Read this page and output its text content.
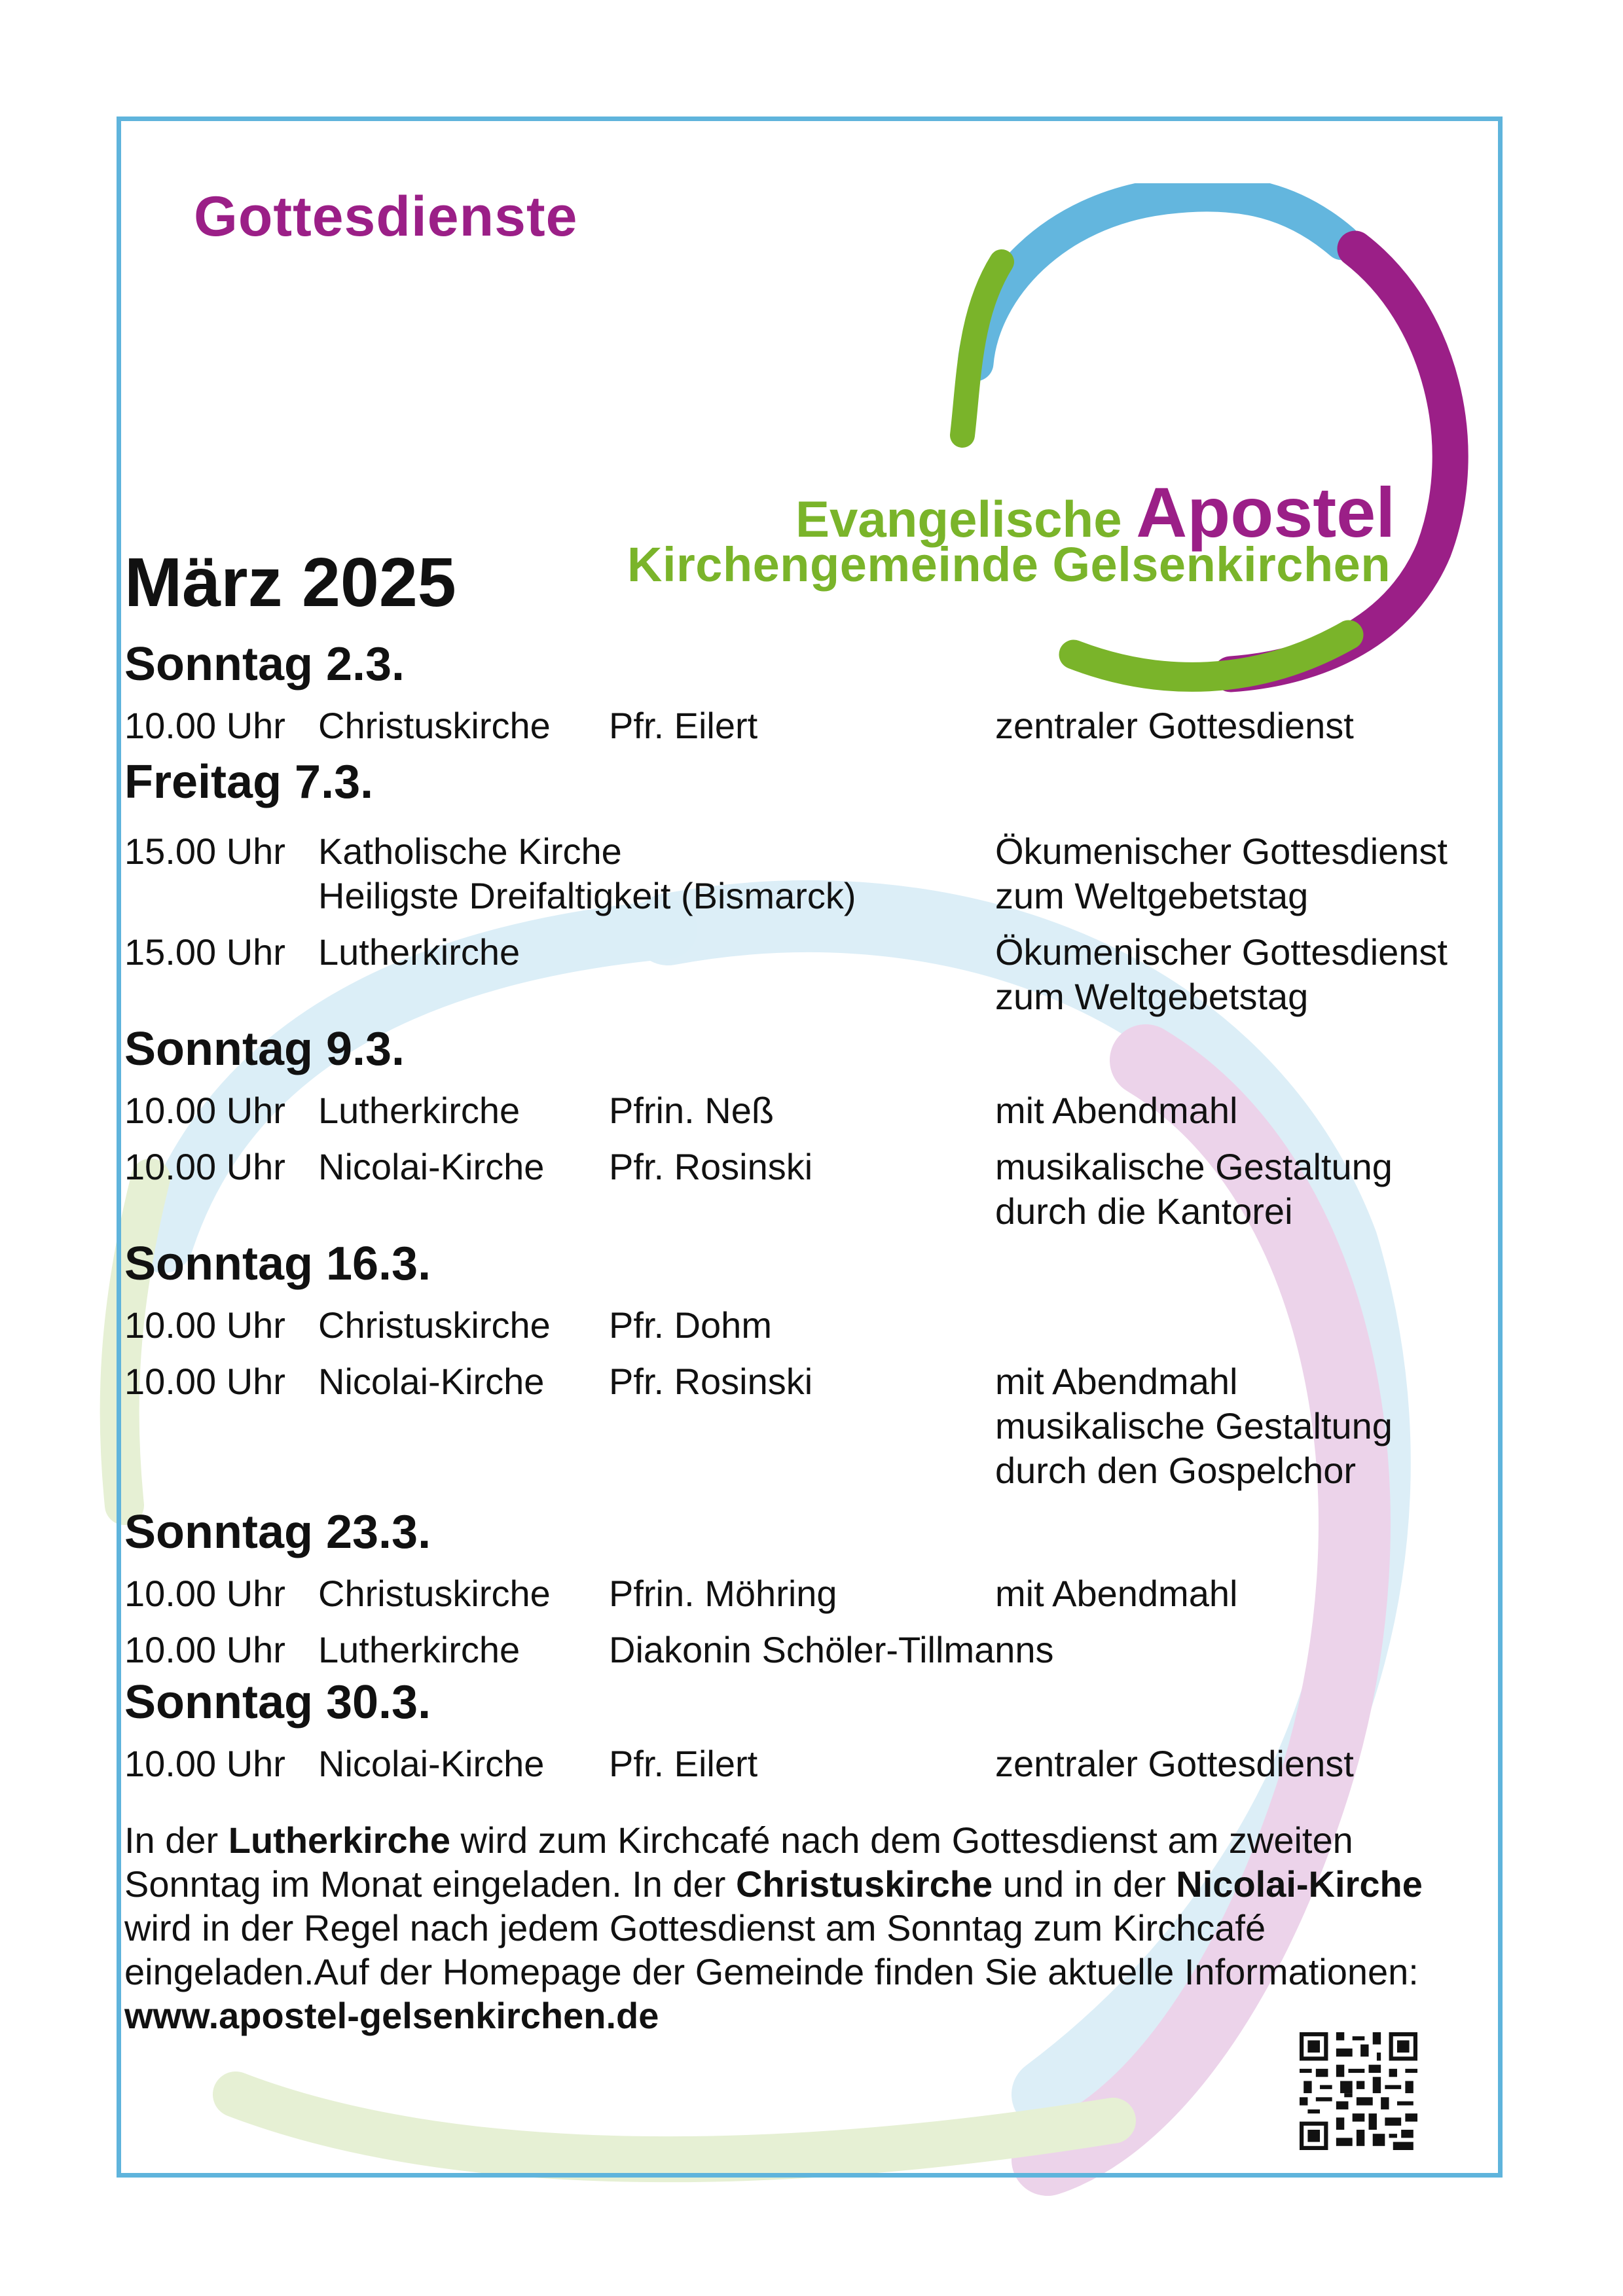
Gottesdienste
Evangelische Apostel
Kirchengemeinde Gelsenkirchen
März 2025
Sonntag 2.3.
10.00 Uhr Christuskirche	Pfr. Eilert	zentraler Gottesdienst
Freitag 7.3.
15.00 Uhr Katholische Kirche	Ökumenischer Gottesdienst
Heiligste Dreifaltigkeit (Bismarck)	zum Weltgebetstag
15.00 Uhr Lutherkirche	Ökumenischer Gottesdienst
zum Weltgebetstag
Sonntag 9.3.
10.00 Uhr Lutherkirche	Pfrin. Neß	mit Abendmahl
10.00 Uhr Nicolai-Kirche	Pfr. Rosinski	musikalische Gestaltung
durch die Kantorei
Sonntag 16.3.
10.00 Uhr Christuskirche	Pfr. Dohm
10.00 Uhr Nicolai-Kirche	Pfr. Rosinski	mit Abendmahl
musikalische Gestaltung
durch den Gospelchor
Sonntag 23.3.
10.00 Uhr Christuskirche	Pfrin. Möhring	mit Abendmahl
10.00 Uhr Lutherkirche	Diakonin Schöler-Tillmanns
Sonntag 30.3.
10.00 Uhr Nicolai-Kirche	Pfr. Eilert	zentraler Gottesdienst
In der Lutherkirche wird zum Kirchcafé nach dem Gottesdienst am zweiten Sonntag im Monat eingeladen. In der Christuskirche und in der Nicolai-Kirche wird in der Regel nach jedem Gottesdienst am Sonntag zum Kirchcafé eingeladen.Auf der Homepage der Gemeinde finden Sie aktuelle Informationen:
www.apostel-gelsenkirchen.de
